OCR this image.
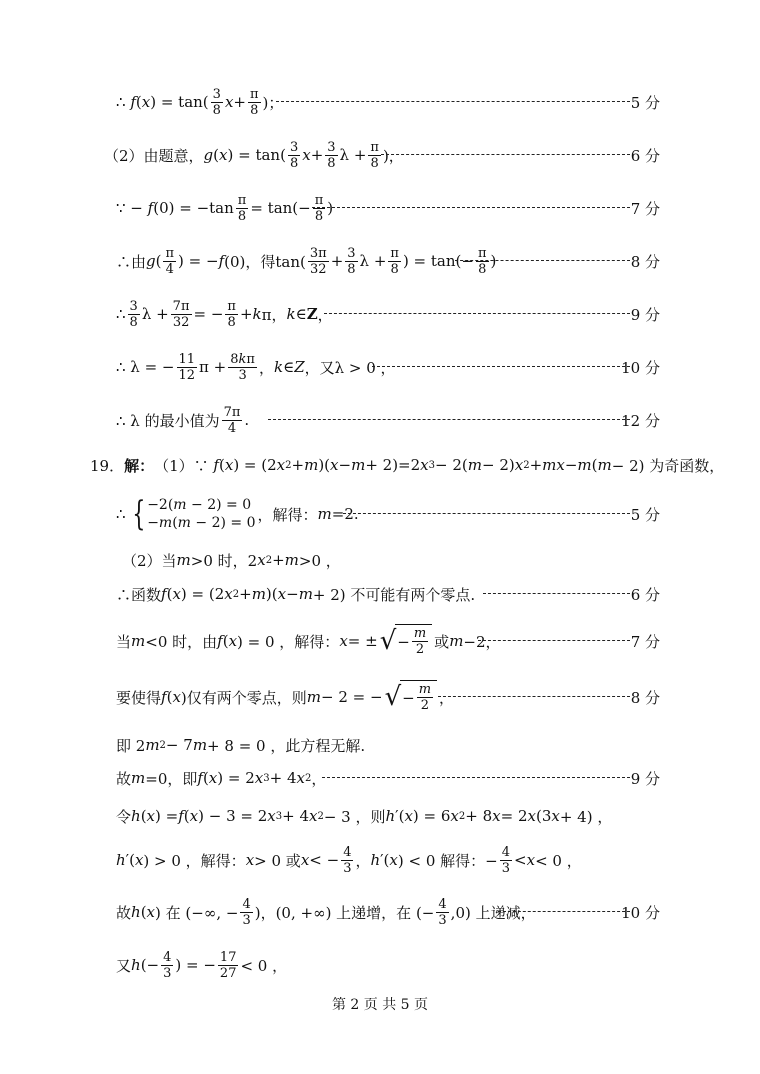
∴ f ( x ) = $\tan( \frac{3}{8}$ $x + \frac{\pi}{8}$ )；	5 分
（2）由题意， g ( x ) = $\tan( \frac{3}{8}$ $x + \frac{3}{8}$ $\lambda + \frac{\pi}{8}$ )，	6 分
∵ − f $(0) = -\tan \frac{\pi}{8} = \tan(- \frac{\pi}{8}$ )	7 分
∴由 g ( $\frac{\pi}{4}$ ) = − f (0)，得$\tan( \frac{3\pi}{32} + \frac{3}{8}$ $\lambda + \frac{\pi}{8}$ ) = $\tan(- \frac{\pi}{8}$ )	8 分
∴ $\frac{3}{8}$ $\lambda + \frac{7\pi}{32}$ = − $\frac{\pi}{8} + k$ π， k ∈ Z ，	9 分
∴ λ = − $\frac{11}{12}$ $\pi + \frac{8k\pi}{3}$ ， k ∈ Z ，又λ > 0 ，	10 分
∴ λ 的最小值为 $\frac{7\pi}{4}$ .	12 分
19． 解： （1）∵ f ( x ) = (2 x 2 + m )( x − m + 2)=2 x 3 − 2( m − 2) x 2 + mx − m ( m − 2) 为奇函数，
∴ { −2(m − 2) = 0
−m(m − 2) = 0 ，解得： m =2.	5 分
（2）当 m >0 时，2 x 2 + m >0 ，
∴函数 f ( x ) = (2 x 2 + m )( x − m + 2) 不可能有两个零点.	6 分
当 m <0 时，由 f ( x ) = 0 ，解得： x = ± √ − $\frac{m}{2}$ 或 m −2，	7 分
要使得 f ( x )仅有两个零点，则 m − 2 = − √ − $\frac{m}{2}$ ，	8 分
即 2 m 2 − 7 m + 8 = 0 ，此方程无解.
故 m =0，即 f ( x ) = 2 x 3 + 4 x 2 ，	9 分
令 h ( x ) = f ( x ) − 3 = 2 x 3 + 4 x 2 − 3 ，则 h ′( x ) = 6 x 2 + 8 x = 2 x (3 x + 4) ，
h ′( x ) > 0 ，解得： x > 0 或 x < − $\frac{4}{3}$ ， h ′( x ) < 0 解得：− $\frac{4}{3} < x < 0$ ，
故 h ( x ) 在 (−∞, − $\frac{4}{3}$ )，(0, +∞) 上递增，在 (− $\frac{4}{3} ,0$) 上递减，	10 分
又 h (− $\frac{4}{3}$ ) = − $\frac{17}{27} < 0$ ，
第 2 页 共 5 页
